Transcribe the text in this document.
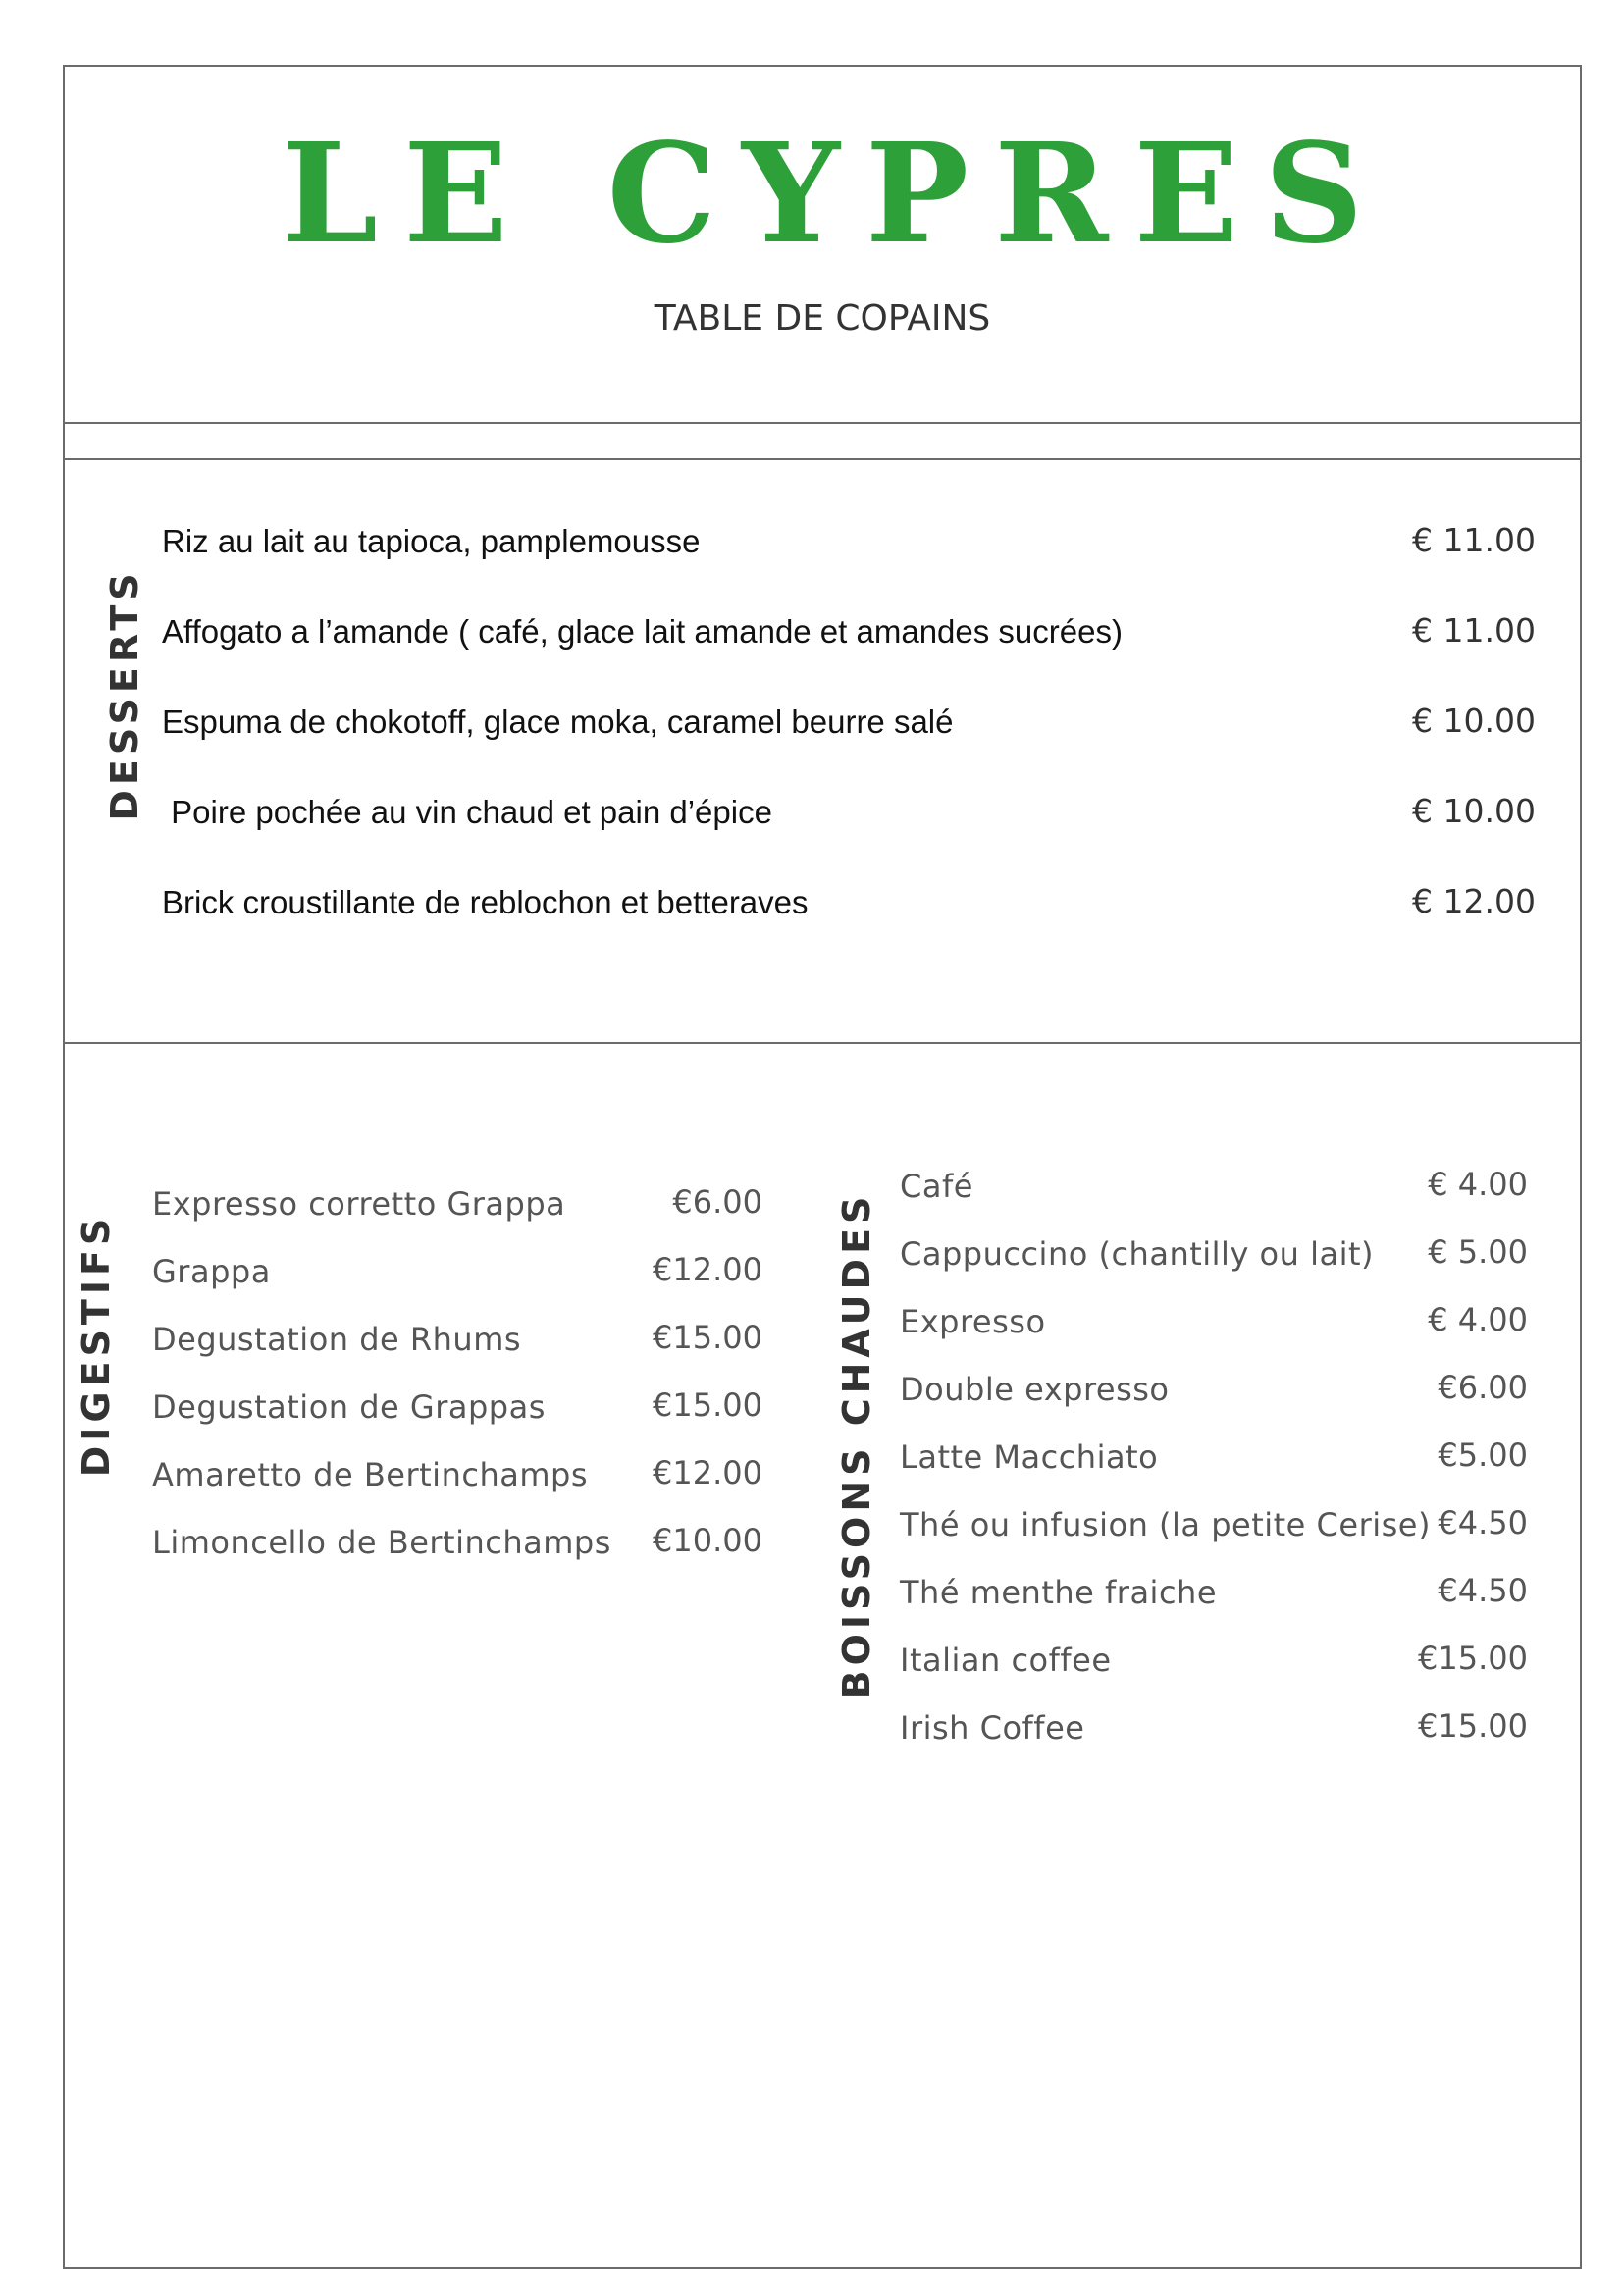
LE CYPRES
TABLE DE COPAINS
DESSERTS
Riz au lait au tapioca, pamplemousse	€ 11.00
Affogato a l’amande ( café, glace lait amande et amandes sucrées)	€ 11.00
Espuma de chokotoff, glace moka, caramel beurre salé	€ 10.00
Poire pochée au vin chaud et pain d’épice	€ 10.00
Brick croustillante de reblochon et betteraves	€ 12.00
DIGESTIFS
Expresso corretto Grappa	€6.00
Grappa	€12.00
Degustation de Rhums	€15.00
Degustation de Grappas	€15.00
Amaretto de Bertinchamps €12.00
Limoncello de Bertinchamps €10.00 BOISSONS CHAUDES
Café	€ 4.00
Cappuccino (chantilly ou lait) € 5.00
Expresso	€ 4.00
Double expresso	€6.00
Latte Macchiato	€5.00
Thé ou infusion (la petite Cerise) €4.50
Thé menthe fraiche	€4.50
Italian coffee	€15.00
Irish Coffee	€15.00
